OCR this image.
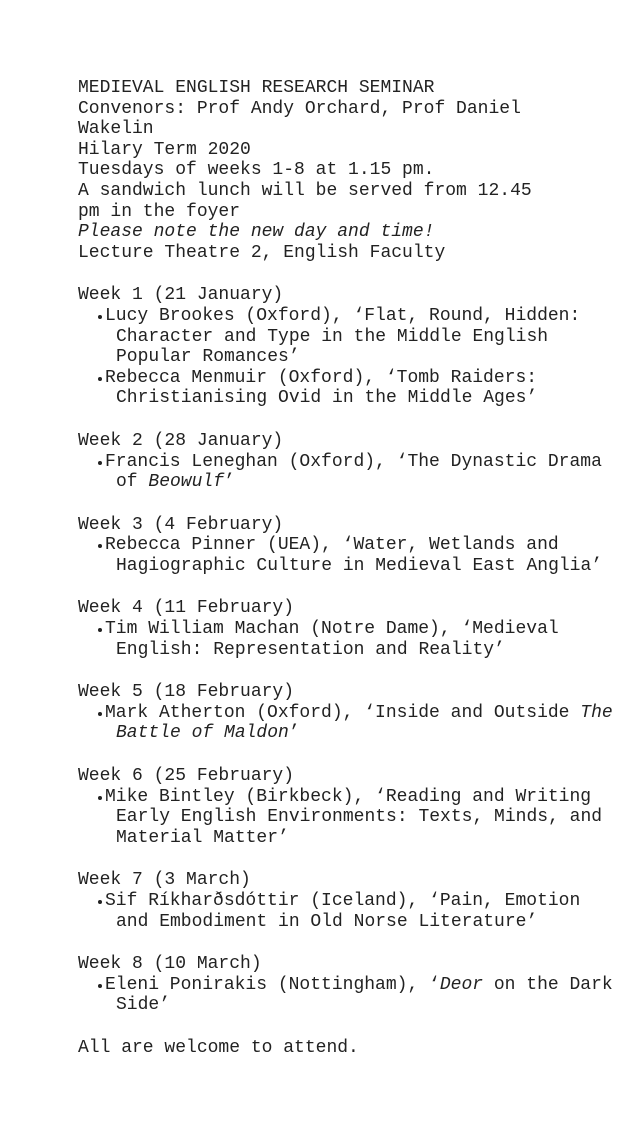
MEDIEVAL ENGLISH RESEARCH SEMINAR
Convenors: Prof Andy Orchard, Prof Daniel
Wakelin
Hilary Term 2020
Tuesdays of weeks 1-8 at 1.15 pm.
A sandwich lunch will be served from 12.45
pm in the foyer
Please note the new day and time!
Lecture Theatre 2, English Faculty
Week 1 (21 January)
Lucy Brookes (Oxford), ‘Flat, Round, Hidden: Character and Type in the Middle English Popular Romances’
Rebecca Menmuir (Oxford), ‘Tomb Raiders: Christianising Ovid in the Middle Ages’
Week 2 (28 January)
Francis Leneghan (Oxford), ‘The Dynastic Drama of Beowulf’
Week 3 (4 February)
Rebecca Pinner (UEA), ‘Water, Wetlands and Hagiographic Culture in Medieval East Anglia’
Week 4 (11 February)
Tim William Machan (Notre Dame), ‘Medieval English: Representation and Reality’
Week 5 (18 February)
Mark Atherton (Oxford), ‘Inside and Outside The Battle of Maldon’
Week 6 (25 February)
Mike Bintley (Birkbeck), ‘Reading and Writing Early English Environments: Texts, Minds, and Material Matter’
Week 7 (3 March)
Sif Ríkharðsdóttir (Iceland), ‘Pain, Emotion and Embodiment in Old Norse Literature’
Week 8 (10 March)
Eleni Ponirakis (Nottingham), ‘Deor on the Dark Side’
All are welcome to attend.
